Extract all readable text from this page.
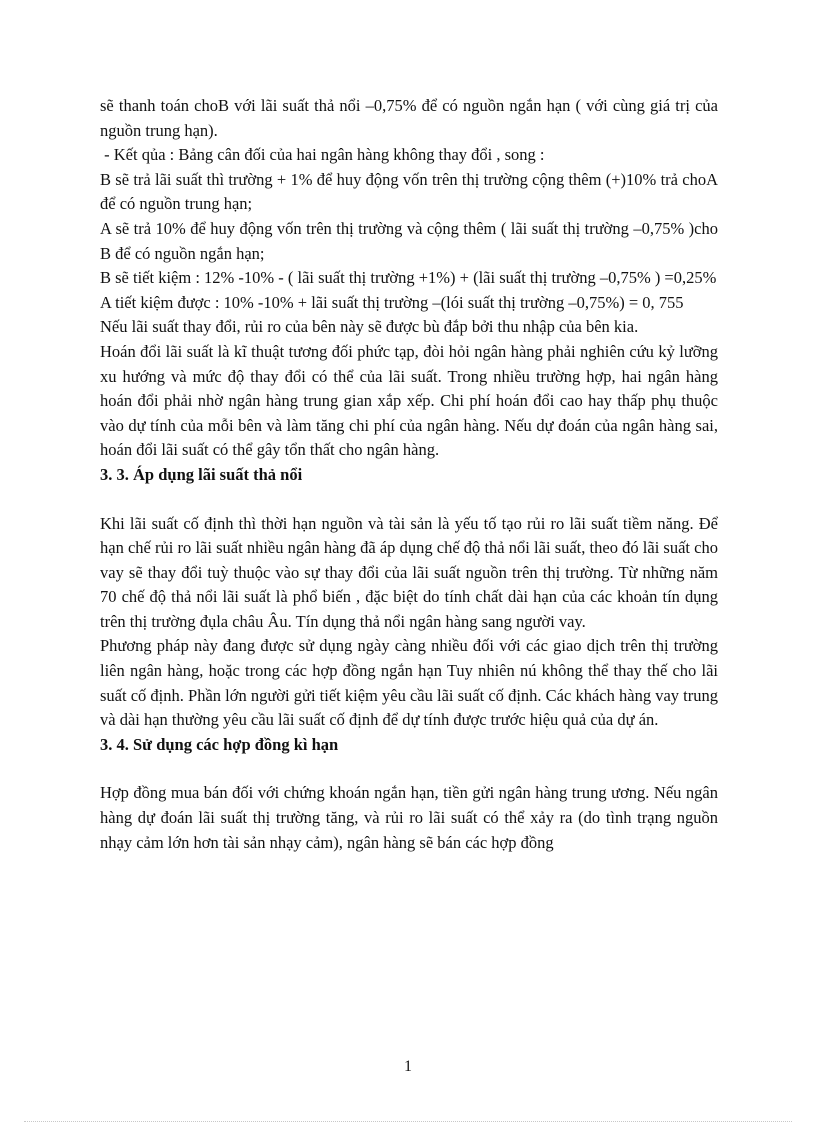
sẽ thanh toán choB với lãi suất thả nổi –0,75% để có nguồn ngắn hạn ( với cùng giá trị của nguồn trung hạn).

- Kết qủa : Bảng cân đối của hai ngân hàng không thay đổi , song :

B sẽ trả lãi suất thì trường + 1% để huy động vốn trên thị trường cộng thêm (+)10% trả choA để có nguồn trung hạn;

A sẽ trả 10% để huy động vốn trên thị trường và cộng thêm ( lãi suất thị trường –0,75% )cho B để có nguồn ngắn hạn;

B sẽ tiết kiệm : 12% -10% - ( lãi suất thị trường +1%) + (lãi suất thị trường –0,75% ) =0,25%

A tiết kiệm được : 10% -10% + lãi suất thị trường –(lói suất thị trường –0,75%) = 0, 755

Nếu lãi suất thay đổi, rủi ro của bên này sẽ được bù đắp bởi thu nhập của bên kia.

Hoán đổi lãi suất là kĩ thuật tương đối phức tạp, đòi hỏi ngân hàng phải nghiên cứu kỷ lưỡng xu hướng và mức độ thay đổi có thể của lãi suất. Trong nhiều trường hợp, hai ngân hàng hoán đổi phải nhờ ngân hàng trung gian xắp xếp. Chi phí hoán đổi cao hay thấp phụ thuộc vào dự tính của mỗi bên và làm tăng chi phí của ngân hàng. Nếu dự đoán của ngân hàng sai, hoán đổi lãi suất có thể gây tổn thất cho ngân hàng.

3. 3. Áp dụng lãi suất thả nổi

Khi lãi suất cố định thì thời hạn nguồn và tài sản là yếu tố tạo rủi ro lãi suất tiềm năng. Để hạn chế rủi ro lãi suất nhiều ngân hàng đã áp dụng chế độ thả nổi lãi suất, theo đó lãi suất cho vay sẽ thay đổi tuỳ thuộc vào sự thay đổi của lãi suất nguồn trên thị trường. Từ những năm 70 chế độ thả nổi lãi suất là phổ biến , đặc biệt do tính chất dài hạn của các khoản tín dụng trên thị trường đụla châu Âu. Tín dụng thả nổi ngân hàng sang người vay.

Phương pháp này đang được sử dụng ngày càng nhiều đối với các giao dịch trên thị trường liên ngân hàng, hoặc trong các hợp đồng ngắn hạn Tuy nhiên nú không thể thay thế cho lãi suất cố định. Phần lớn người gửi tiết kiệm yêu cầu lãi suất cố định. Các khách hàng vay trung và dài hạn thường yêu cầu lãi suất cố định để dự tính được trước hiệu quả của dự án.

3. 4. Sử dụng các hợp đồng kì hạn

Hợp đồng mua bán đối với chứng khoán ngắn hạn, tiền gửi ngân hàng trung ương. Nếu ngân hàng dự đoán lãi suất thị trường tăng, và rủi ro lãi suất có thể xảy ra (do tình trạng nguồn nhạy cảm lớn hơn tài sản nhạy cảm), ngân hàng sẽ bán các hợp đồng

1
